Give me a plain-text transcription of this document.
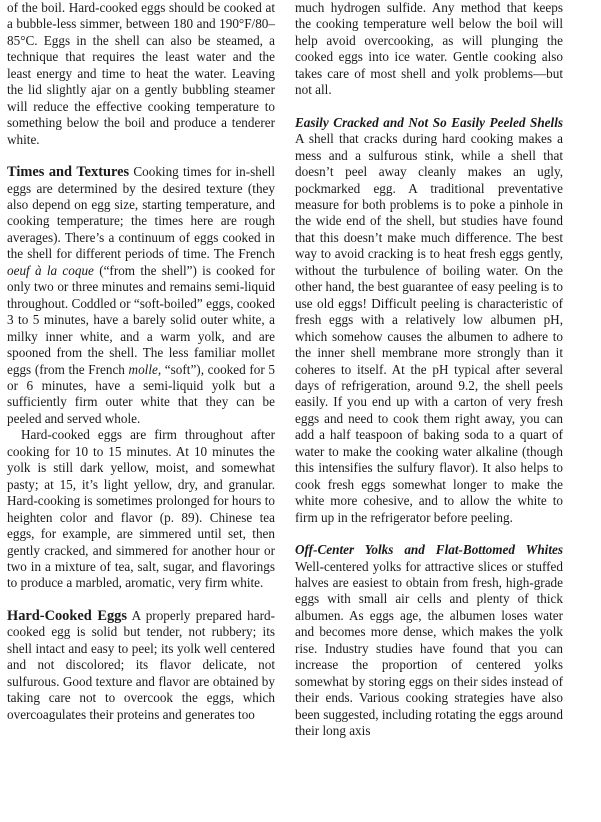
of the boil. Hard-cooked eggs should be cooked at a bubble-less simmer, between 180 and 190°F/80–85°C. Eggs in the shell can also be steamed, a technique that requires the least water and the least energy and time to heat the water. Leaving the lid slightly ajar on a gently bubbling steamer will reduce the effective cooking temperature to something below the boil and produce a tenderer white.

Times and Textures Cooking times for in-shell eggs are determined by the desired texture (they also depend on egg size, starting temperature, and cooking temperature; the times here are rough averages). There’s a continuum of eggs cooked in the shell for different periods of time. The French oeuf à la coque (“from the shell”) is cooked for only two or three minutes and remains semi-liquid throughout. Coddled or “soft-boiled” eggs, cooked 3 to 5 minutes, have a barely solid outer white, a milky inner white, and a warm yolk, and are spooned from the shell. The less familiar mollet eggs (from the French molle, “soft”), cooked for 5 or 6 minutes, have a semi-liquid yolk but a sufficiently firm outer white that they can be peeled and served whole.

Hard-cooked eggs are firm throughout after cooking for 10 to 15 minutes. At 10 minutes the yolk is still dark yellow, moist, and somewhat pasty; at 15, it’s light yellow, dry, and granular. Hard-cooking is sometimes prolonged for hours to heighten color and flavor (p. 89). Chinese tea eggs, for example, are simmered until set, then gently cracked, and simmered for another hour or two in a mixture of tea, salt, sugar, and flavorings to produce a marbled, aromatic, very firm white.

Hard-Cooked Eggs A properly prepared hard-cooked egg is solid but tender, not rubbery; its shell intact and easy to peel; its yolk well centered and not discolored; its flavor delicate, not sulfurous. Good texture and flavor are obtained by taking care not to overcook the eggs, which overcoagulates their proteins and generates too

much hydrogen sulfide. Any method that keeps the cooking temperature well below the boil will help avoid overcooking, as will plunging the cooked eggs into ice water. Gentle cooking also takes care of most shell and yolk problems—but not all.

Easily Cracked and Not So Easily Peeled Shells A shell that cracks during hard cooking makes a mess and a sulfurous stink, while a shell that doesn’t peel away cleanly makes an ugly, pockmarked egg. A traditional preventative measure for both problems is to poke a pinhole in the wide end of the shell, but studies have found that this doesn’t make much difference. The best way to avoid cracking is to heat fresh eggs gently, without the turbulence of boiling water. On the other hand, the best guarantee of easy peeling is to use old eggs! Difficult peeling is characteristic of fresh eggs with a relatively low albumen pH, which somehow causes the albumen to adhere to the inner shell membrane more strongly than it coheres to itself. At the pH typical after several days of refrigeration, around 9.2, the shell peels easily. If you end up with a carton of very fresh eggs and need to cook them right away, you can add a half teaspoon of baking soda to a quart of water to make the cooking water alkaline (though this intensifies the sulfury flavor). It also helps to cook fresh eggs somewhat longer to make the white more cohesive, and to allow the white to firm up in the refrigerator before peeling.

Off-Center Yolks and Flat-Bottomed Whites Well-centered yolks for attractive slices or stuffed halves are easiest to obtain from fresh, high-grade eggs with small air cells and plenty of thick albumen. As eggs age, the albumen loses water and becomes more dense, which makes the yolk rise. Industry studies have found that you can increase the proportion of centered yolks somewhat by storing eggs on their sides instead of their ends. Various cooking strategies have also been suggested, including rotating the eggs around their long axis
